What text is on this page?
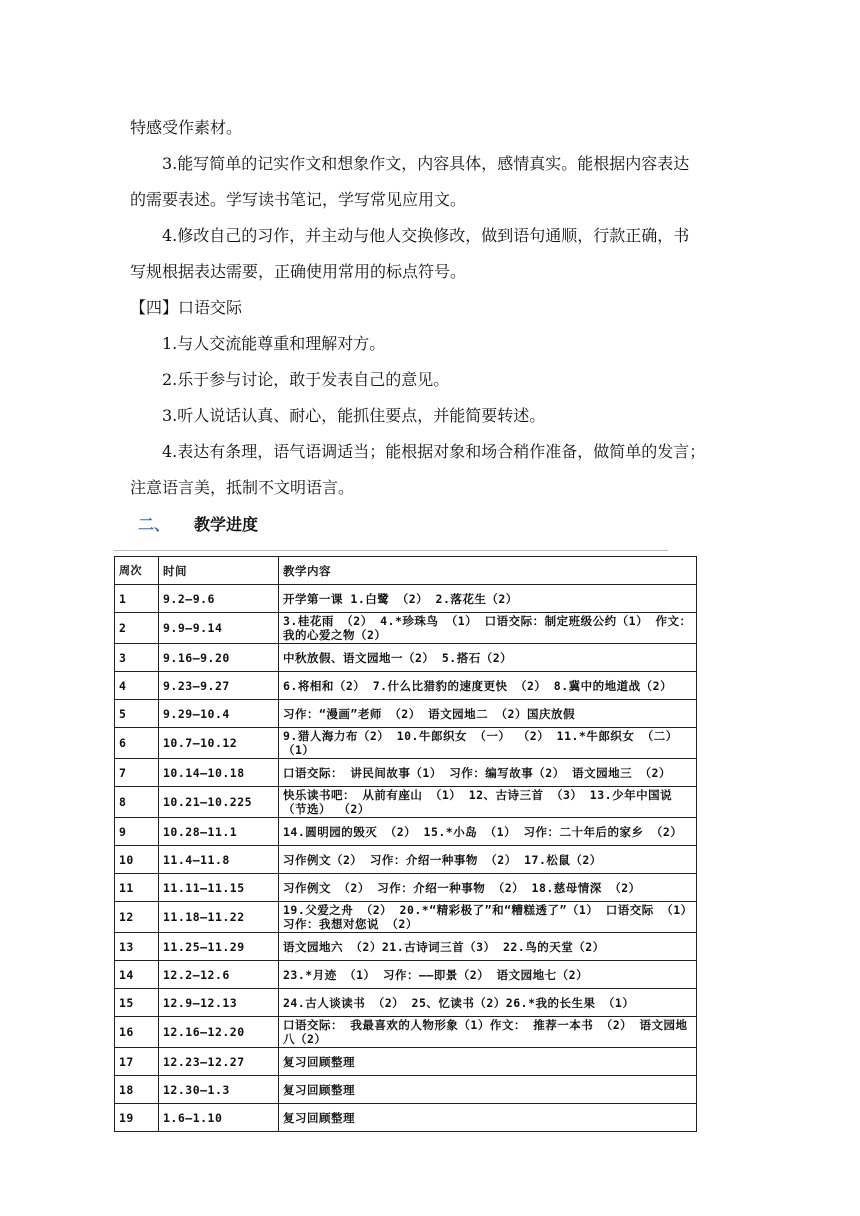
特感受作素材。

3.能写简单的记实作文和想象作文，内容具体，感情真实。能根据内容表达

的需要表述。学写读书笔记，学写常见应用文。

4.修改自己的习作，并主动与他人交换修改，做到语句通顺，行款正确，书

写规根据表达需要，正确使用常用的标点符号。

【四】口语交际

1.与人交流能尊重和理解对方。

2.乐于参与讨论，敢于发表自己的意见。

3.听人说话认真、耐心，能抓住要点，并能简要转述。

4.表达有条理，语气语调适当；能根据对象和场合稍作准备，做简单的发言；

注意语言美，抵制不文明语言。

二、 教学进度
周次	时间	教学内容
1	9.2—9.6	开学第一课 1.白鹭 （2） 2.落花生（2）
2	9.9—9.14	3.桂花雨 （2） 4.*珍珠鸟 （1） 口语交际：制定班级公约（1） 作文：我的心爱之物（2）
3	9.16—9.20	中秋放假、语文园地一（2） 5.搭石（2）
4	9.23—9.27	6.将相和（2） 7.什么比猎豹的速度更快 （2） 8.冀中的地道战（2）
5	9.29—10.4	习作：“漫画”老师 （2） 语文园地二 （2）国庆放假
6	10.7—10.12	9.猎人海力布（2） 10.牛郎织女 （一） （2） 11.*牛郎织女 （二） （1）
7	10.14—10.18	口语交际： 讲民间故事（1） 习作：编写故事（2） 语文园地三 （2）
8	10.21—10.225	快乐读书吧： 从前有座山 （1） 12、古诗三首 （3） 13.少年中国说（节选） （2）
9	10.28—11.1	14.圆明园的毁灭 （2） 15.*小岛 （1） 习作：二十年后的家乡 （2）
10	11.4—11.8	习作例文（2） 习作：介绍一种事物 （2） 17.松鼠（2）
11	11.11—11.15	习作例文 （2） 习作：介绍一种事物 （2） 18.慈母情深 （2）
12	11.18—11.22	19.父爱之舟 （2） 20.*“精彩极了”和“糟糕透了”（1） 口语交际 （1）习作：我想对您说 （2）
13	11.25—11.29	语文园地六 （2）21.古诗词三首（3） 22.鸟的天堂（2）
14	12.2—12.6	23.*月迹 （1） 习作：——即景（2） 语文园地七（2）
15	12.9—12.13	24.古人谈读书 （2） 25、忆读书（2）26.*我的长生果 （1）
16	12.16—12.20	口语交际： 我最喜欢的人物形象（1）作文： 推荐一本书 （2） 语文园地八（2）
17	12.23—12.27	复习回顾整理
18	12.30—1.3	复习回顾整理
19	1.6—1.10	复习回顾整理
